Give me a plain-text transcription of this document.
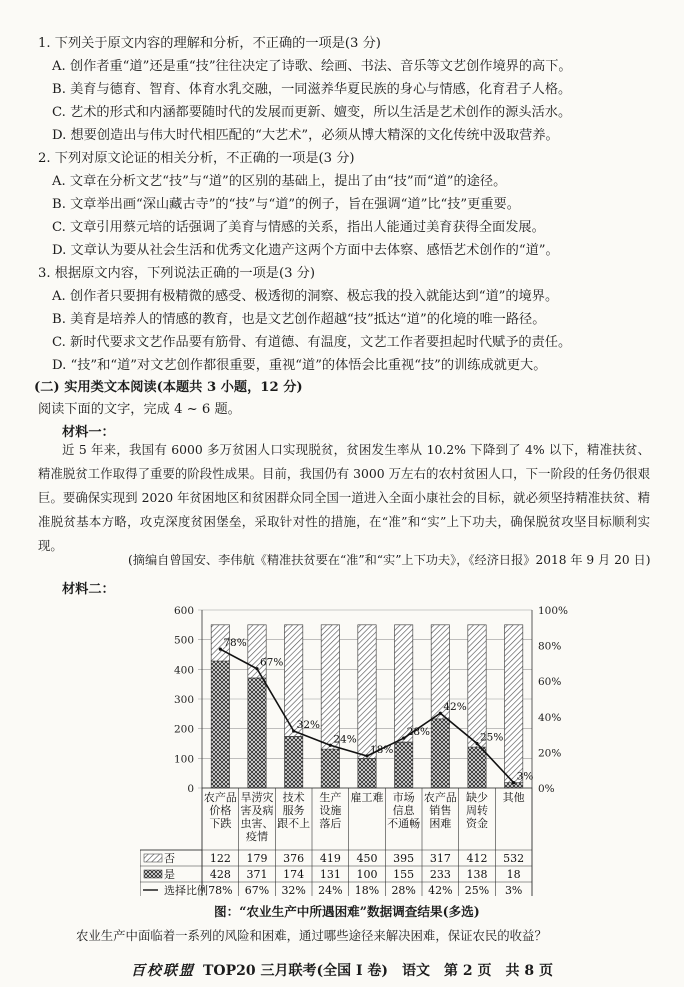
1. 下列关于原文内容的理解和分析，不正确的一项是(3 分)
A. 创作者重“道”还是重“技”往往决定了诗歌、绘画、书法、音乐等文艺创作境界的高下。
B. 美育与德育、智育、体育水乳交融，一同滋养华夏民族的身心与情感，化育君子人格。
C. 艺术的形式和内涵都要随时代的发展而更新、嬗变，所以生活是艺术创作的源头活水。
D. 想要创造出与伟大时代相匹配的“大艺术”，必须从博大精深的文化传统中汲取营养。
2. 下列对原文论证的相关分析，不正确的一项是(3 分)
A. 文章在分析文艺“技”与“道”的区别的基础上，提出了由“技”而“道”的途径。
B. 文章举出画“深山藏古寺”的“技”与“道”的例子，旨在强调“道”比“技”更重要。
C. 文章引用蔡元培的话强调了美育与情感的关系，指出人能通过美育获得全面发展。
D. 文章认为要从社会生活和优秀文化遗产这两个方面中去体察、感悟艺术创作的“道”。
3. 根据原文内容，下列说法正确的一项是(3 分)
A. 创作者只要拥有极精微的感受、极透彻的洞察、极忘我的投入就能达到“道”的境界。
B. 美育是培养人的情感的教育，也是文艺创作超越“技”抵达“道”的化境的唯一路径。
C. 新时代要求文艺作品要有筋骨、有道德、有温度，文艺工作者要担起时代赋予的责任。
D. “技”和“道”对文艺创作都很重要，重视“道”的体悟会比重视“技”的训练成就更大。
(二) 实用类文本阅读(本题共 3 小题，12 分)
阅读下面的文字，完成 4 ~ 6 题。
材料一：
近 5 年来，我国有 6000 多万贫困人口实现脱贫，贫困发生率从 10.2% 下降到了 4% 以下，精准扶贫、精准脱贫工作取得了重要的阶段性成果。目前，我国仍有 3000 万左右的农村贫困人口，下一阶段的任务仍很艰巨。要确保实现到 2020 年贫困地区和贫困群众同全国一道进入全面小康社会的目标，就必须坚持精准扶贫、精准脱贫基本方略，攻克深度贫困堡垒，采取针对性的措施，在“准”和“实”上下功夫，确保脱贫攻坚目标顺利实现。
(摘编自曾国安、李伟航《精准扶贫要在“准”和“实”上下功夫》，《经济日报》2018 年 9 月 20 日)
材料二：
0
100
200
300
400
500
600
0%
20%
40%
60%
80%
100%
78%
67%
32%
24%
18%
28%
42%
25%
3%
农产品价格下跌
旱涝灾害及病虫害、疫情
技术服务跟不上
生产设施落后
雇工难 市场信息不通畅
农产品销售困难
缺少周转资金
其他
否
是
选择比例
122 179 376 419 450 395 317 412 532
428 371 174 131 100 155 233 138 18
78% 67% 32% 24% 18% 28% 42% 25% 3%
图：“农业生产中所遇困难”数据调查结果(多选)
农业生产中面临着一系列的风险和困难，通过哪些途径来解决困难，保证农民的收益？
百校联盟 TOP20 三月联考(全国 I 卷)　语文　第 2 页　共 8 页
